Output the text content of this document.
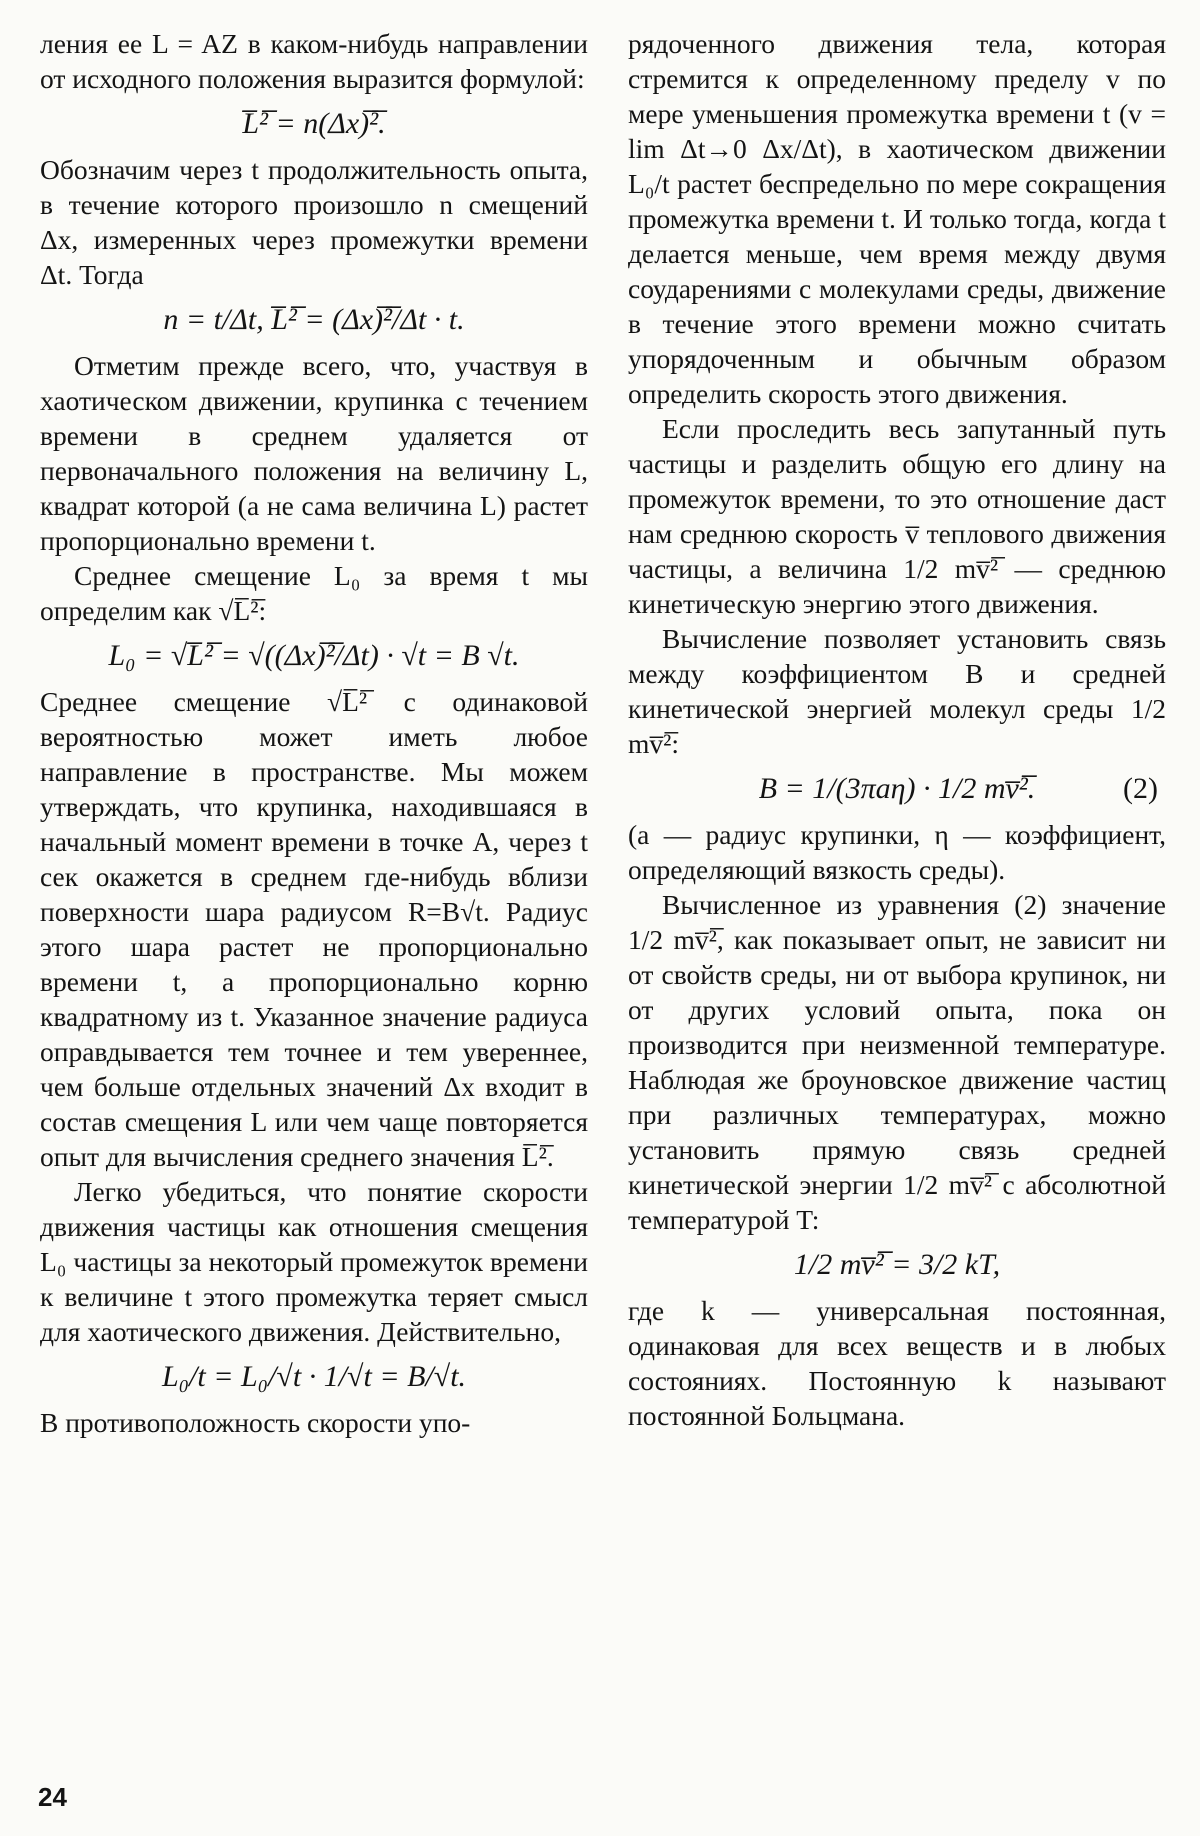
ления ее L = AZ в каком-нибудь направлении от исходного положения выразится формулой:

L̅²̅ = n(Δx)̅²̅.

Обозначим через t продолжительность опыта, в течение которого произошло n смещений Δx, измеренных через промежутки времени Δt. Тогда

n = t/Δt, L̅²̅ = (Δx)̅²̅/Δt · t.

Отметим прежде всего, что, участвуя в хаотическом движении, крупинка с течением времени в среднем удаляется от первоначального положения на величину L, квадрат которой (а не сама величина L) растет пропорционально времени t.

Среднее смещение L₀ за время t мы определим как √L̅²̅:

L₀ = √L̅²̅ = √((Δx)̅²̅/Δt) · √t = B √t.

Среднее смещение √L̅²̅ с одинаковой вероятностью может иметь любое направление в пространстве. Мы можем утверждать, что крупинка, находившаяся в начальный момент времени в точке A, через t сек окажется в среднем где-нибудь вблизи поверхности шара радиусом R=B√t. Радиус этого шара растет не пропорционально времени t, а пропорционально корню квадратному из t. Указанное значение радиуса оправдывается тем точнее и тем увереннее, чем больше отдельных значений Δx входит в состав смещения L или чем чаще повторяется опыт для вычисления среднего значения L̅²̅.

Легко убедиться, что понятие скорости движения частицы как отношения смещения L₀ частицы за некоторый промежуток времени к величине t этого промежутка теряет смысл для хаотического движения. Действительно,

L₀/t = L₀/√t · 1/√t = B/√t.

В противоположность скорости упо-

рядоченного движения тела, которая стремится к определенному пределу v по мере уменьшения промежутка времени t (v = lim Δt→0 Δx/Δt), в хаотическом движении L₀/t растет беспредельно по мере сокращения промежутка времени t. И только тогда, когда t делается меньше, чем время между двумя соударениями с молекулами среды, движение в течение этого времени можно считать упорядоченным и обычным образом определить скорость этого движения.

Если проследить весь запутанный путь частицы и разделить общую его длину на промежуток времени, то это отношение даст нам среднюю скорость v̅ теплового движения частицы, а величина 1/2 mv̅²̅ — среднюю кинетическую энергию этого движения.

Вычисление позволяет установить связь между коэффициентом B и средней кинетической энергией молекул среды 1/2 mv̅²̅:

B = 1/(3πaη) · 1/2 mv̅²̅.	(2)

(a — радиус крупинки, η — коэффициент, определяющий вязкость среды).

Вычисленное из уравнения (2) значение 1/2 mv̅²̅, как показывает опыт, не зависит ни от свойств среды, ни от выбора крупинок, ни от других условий опыта, пока он производится при неизменной температуре. Наблюдая же броуновское движение частиц при различных температурах, можно установить прямую связь средней кинетической энергии 1/2 mv̅²̅ с абсолютной температурой T:

1/2 mv̅²̅ = 3/2 kT,

где k — универсальная постоянная, одинаковая для всех веществ и в любых состояниях. Постоянную k называют постоянной Больцмана.

24
